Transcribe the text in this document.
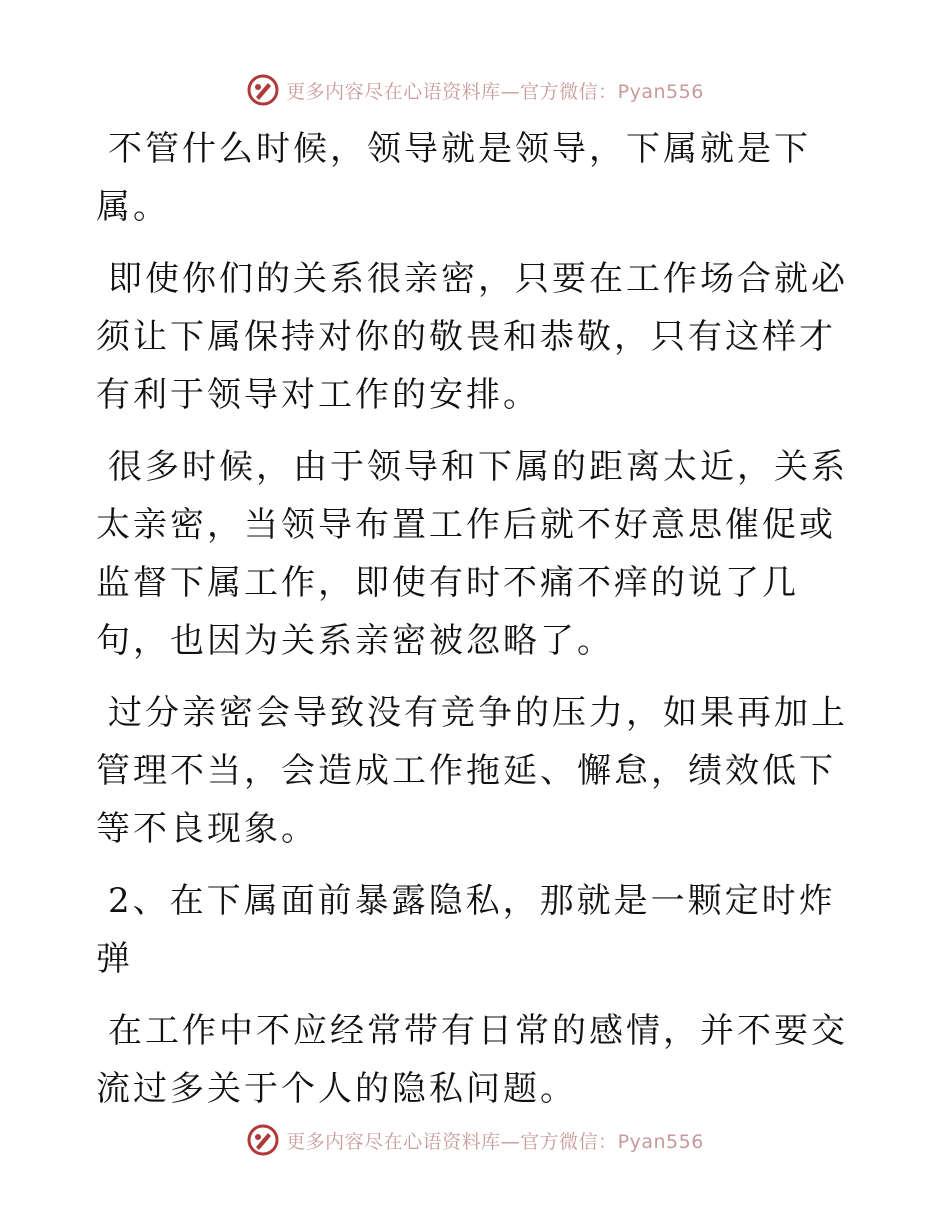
更多内容尽在心语资料库—官方微信：Pyan556

不管什么时候，领导就是领导，下属就是下属。

即使你们的关系很亲密，只要在工作场合就必须让下属保持对你的敬畏和恭敬，只有这样才有利于领导对工作的安排。

很多时候，由于领导和下属的距离太近，关系太亲密，当领导布置工作后就不好意思催促或监督下属工作，即使有时不痛不痒的说了几句，也因为关系亲密被忽略了。

过分亲密会导致没有竞争的压力，如果再加上管理不当，会造成工作拖延、懈怠，绩效低下等不良现象。

2、在下属面前暴露隐私，那就是一颗定时炸弹

在工作中不应经常带有日常的感情，并不要交流过多关于个人的隐私问题。

更多内容尽在心语资料库—官方微信：Pyan556
